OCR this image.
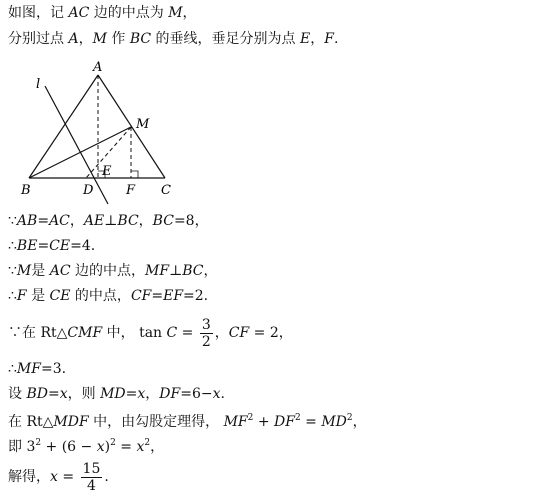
如图，记 AC 边的中点为 M，
分别过点 A，M 作 BC 的垂线，垂足分别为点 E，F.
l
A
M
E
B	D	F C
∵AB=AC，AE⊥BC，BC=8，
∴BE=CE=4.
∵M是 AC 边的中点，MF⊥BC，
∴F 是 CE 的中点，CF=EF=2.
∵在 Rt△CMF 中， $\tan C = \frac{3}{2}$ ，CF = 2，
∴MF=3.
设 BD=x，则 MD=x，DF=6−x.
在 Rt△MDF 中，由勾股定理得， $MF^2 + DF^2 = MD^2$，
即 $3^2 + (6 - x)^2 = x^2$，
解得，$x = \frac{15}{4}$ .
